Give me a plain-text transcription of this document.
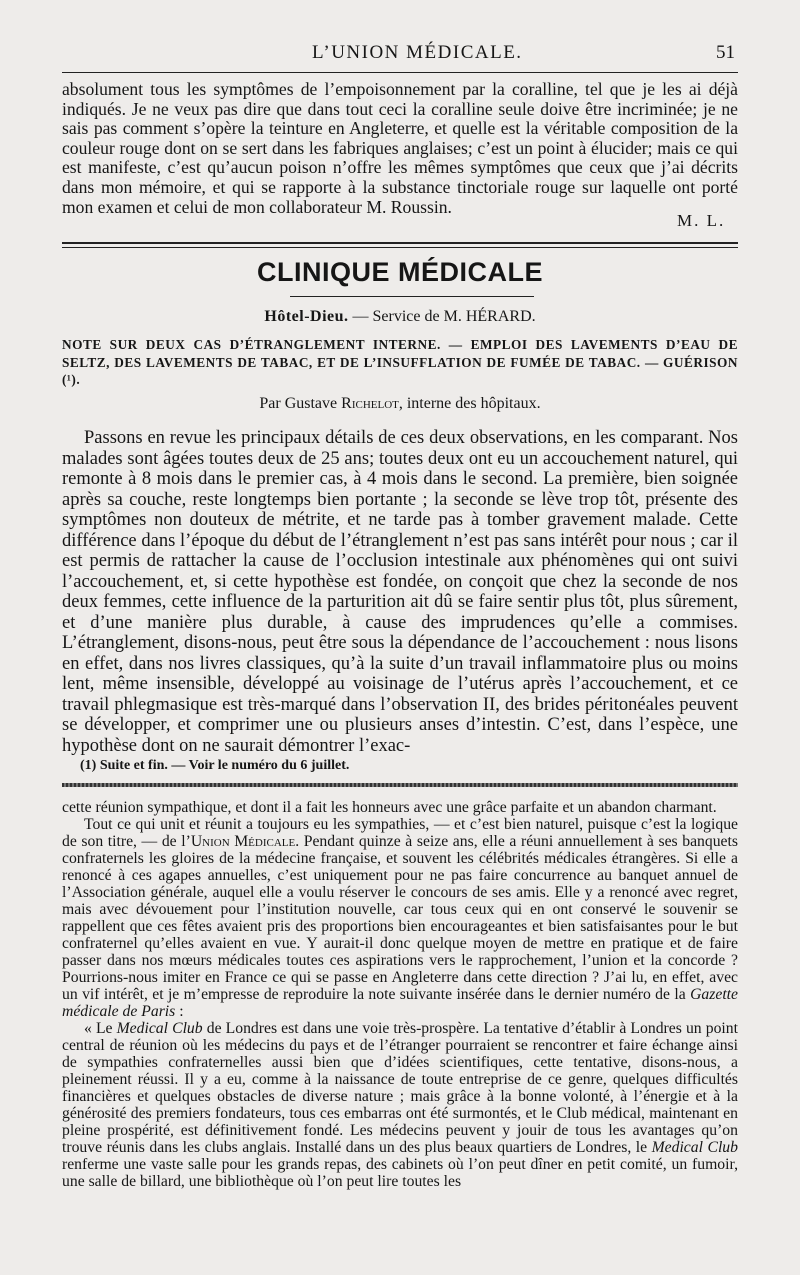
L’UNION MÉDICALE.	51

absolument tous les symptômes de l’empoisonnement par la coralline, tel que je les ai déjà indiqués. Je ne veux pas dire que dans tout ceci la coralline seule doive être incriminée; je ne sais pas comment s’opère la teinture en Angleterre, et quelle est la véritable composition de la couleur rouge dont on se sert dans les fabriques anglaises; c’est un point à élucider; mais ce qui est manifeste, c’est qu’aucun poison n’offre les mêmes symptômes que ceux que j’ai décrits dans mon mémoire, et qui se rapporte à la substance tinctoriale rouge sur laquelle ont porté mon examen et celui de mon collaborateur M. Roussin.

M. L.
CLINIQUE MÉDICALE
Hôtel-Dieu. — Service de M. HÉRARD.

NOTE SUR DEUX CAS D’ÉTRANGLEMENT INTERNE. — EMPLOI DES LAVEMENTS D’EAU DE SELTZ, DES LAVEMENTS DE TABAC, ET DE L’INSUFFLATION DE FUMÉE DE TABAC. — GUÉRISON (¹).

Par Gustave Richelot, interne des hôpitaux.

Passons en revue les principaux détails de ces deux observations, en les comparant. Nos malades sont âgées toutes deux de 25 ans; toutes deux ont eu un accouchement naturel, qui remonte à 8 mois dans le premier cas, à 4 mois dans le second. La première, bien soignée après sa couche, reste longtemps bien portante ; la seconde se lève trop tôt, présente des symptômes non douteux de métrite, et ne tarde pas à tomber gravement malade. Cette différence dans l’époque du début de l’étranglement n’est pas sans intérêt pour nous ; car il est permis de rattacher la cause de l’occlusion intestinale aux phénomènes qui ont suivi l’accouchement, et, si cette hypothèse est fondée, on conçoit que chez la seconde de nos deux femmes, cette influence de la parturition ait dû se faire sentir plus tôt, plus sûrement, et d’une manière plus durable, à cause des imprudences qu’elle a commises. L’étranglement, disons-nous, peut être sous la dépendance de l’accouchement : nous lisons en effet, dans nos livres classiques, qu’à la suite d’un travail inflammatoire plus ou moins lent, même insensible, développé au voisinage de l’utérus après l’accouchement, et ce travail phlegmasique est très-marqué dans l’observation II, des brides péritonéales peuvent se développer, et comprimer une ou plusieurs anses d’intestin. C’est, dans l’espèce, une hypothèse dont on ne saurait démontrer l’exac-

(1) Suite et fin. — Voir le numéro du 6 juillet.
cette réunion sympathique, et dont il a fait les honneurs avec une grâce parfaite et un abandon charmant.
Tout ce qui unit et réunit a toujours eu les sympathies, — et c’est bien naturel, puisque c’est la logique de son titre, — de l’Union Médicale. Pendant quinze à seize ans, elle a réuni annuellement à ses banquets confraternels les gloires de la médecine française, et souvent les célébrités médicales étrangères. Si elle a renoncé à ces agapes annuelles, c’est uniquement pour ne pas faire concurrence au banquet annuel de l’Association générale, auquel elle a voulu réserver le concours de ses amis. Elle y a renoncé avec regret, mais avec dévouement pour l’institution nouvelle, car tous ceux qui en ont conservé le souvenir se rappellent que ces fêtes avaient pris des proportions bien encourageantes et bien satisfaisantes pour le but confraternel qu’elles avaient en vue. Y aurait-il donc quelque moyen de mettre en pratique et de faire passer dans nos mœurs médicales toutes ces aspirations vers le rapprochement, l’union et la concorde ? Pourrions-nous imiter en France ce qui se passe en Angleterre dans cette direction ? J’ai lu, en effet, avec un vif intérêt, et je m’empresse de reproduire la note suivante insérée dans le dernier numéro de la Gazette médicale de Paris :
« Le Medical Club de Londres est dans une voie très-prospère. La tentative d’établir à Londres un point central de réunion où les médecins du pays et de l’étranger pourraient se rencontrer et faire échange ainsi de sympathies confraternelles aussi bien que d’idées scientifiques, cette tentative, disons-nous, a pleinement réussi. Il y a eu, comme à la naissance de toute entreprise de ce genre, quelques difficultés financières et quelques obstacles de diverse nature ; mais grâce à la bonne volonté, à l’énergie et à la générosité des premiers fondateurs, tous ces embarras ont été surmontés, et le Club médical, maintenant en pleine prospérité, est définitivement fondé. Les médecins peuvent y jouir de tous les avantages qu’on trouve réunis dans les clubs anglais. Installé dans un des plus beaux quartiers de Londres, le Medical Club renferme une vaste salle pour les grands repas, des cabinets où l’on peut dîner en petit comité, un fumoir, une salle de billard, une bibliothèque où l’on peut lire toutes les
